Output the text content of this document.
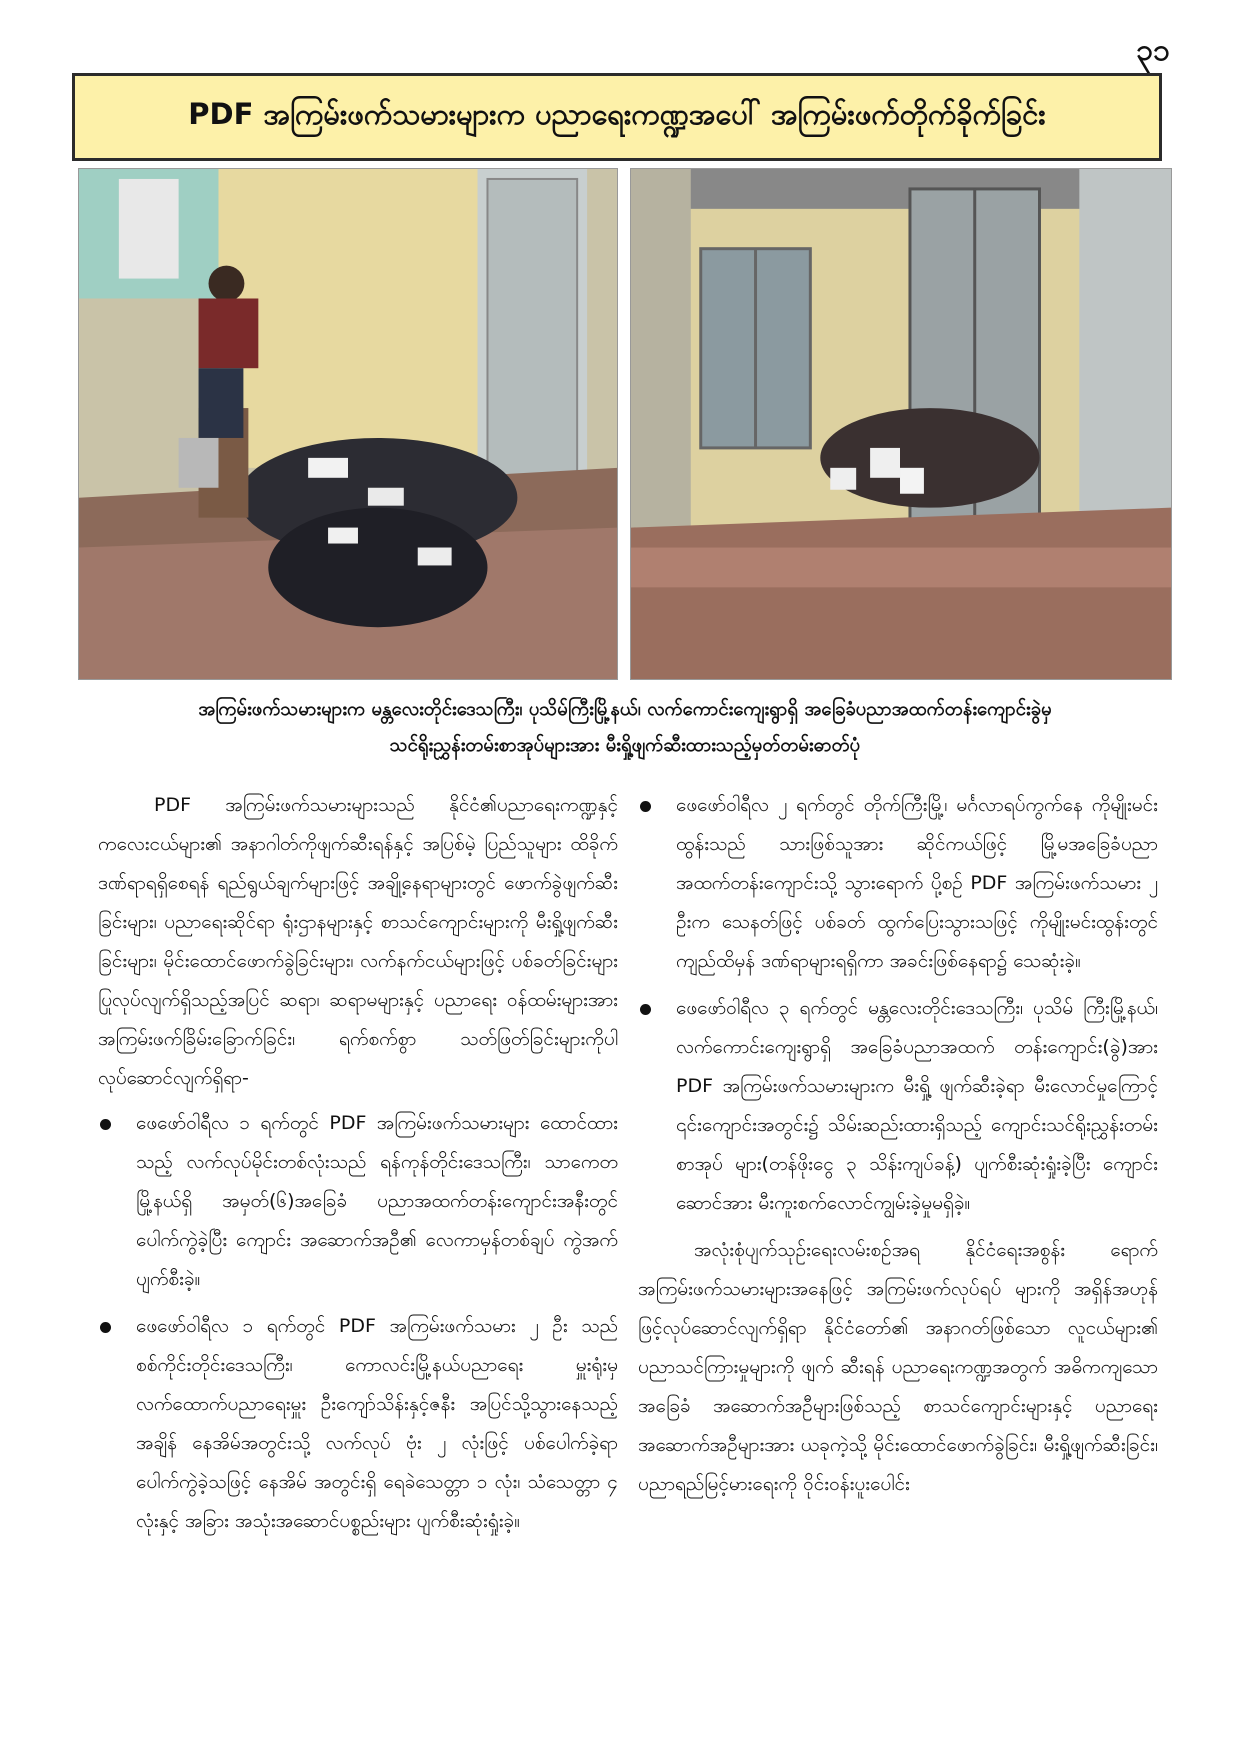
၃၁
PDF အကြမ်းဖက်သမားများက ပညာရေးကဏ္ဍအပေါ် အကြမ်းဖက်တိုက်ခိုက်ခြင်း
အကြမ်းဖက်သမားများက မန္တလေးတိုင်းဒေသကြီး၊ ပုသိမ်ကြီးမြို့နယ်၊ လက်ကောင်းကျေးရွာရှိ အခြေခံပညာအထက်တန်းကျောင်းခွဲမှ
သင်ရိုးညွှန်းတမ်းစာအုပ်များအား မီးရှို့ဖျက်ဆီးထားသည့်မှတ်တမ်းဓာတ်ပုံ

PDF အကြမ်းဖက်သမားများသည် နိုင်ငံ၏ပညာရေးကဏ္ဍနှင့် ကလေးငယ်များ၏ အနာဂါတ်ကိုဖျက်ဆီးရန်နှင့် အပြစ်မဲ့ ပြည်သူများ ထိခိုက်ဒဏ်ရာရရှိစေရန် ရည်ရွယ်ချက်များဖြင့် အချို့နေရာများတွင် ဖောက်ခွဲဖျက်ဆီးခြင်းများ၊ ပညာရေးဆိုင်ရာ ရုံးဌာနများနှင့် စာသင်ကျောင်းများကို မီးရှို့ဖျက်ဆီးခြင်းများ၊ မိုင်းထောင်ဖောက်ခွဲခြင်းများ၊ လက်နက်ငယ်များဖြင့် ပစ်ခတ်ခြင်းများပြုလုပ်လျက်ရှိသည့်အပြင် ဆရာ၊ ဆရာမများနှင့် ပညာရေး ဝန်ထမ်းများအား အကြမ်းဖက်ခြိမ်းခြောက်ခြင်း၊ ရက်စက်စွာ သတ်ဖြတ်ခြင်းများကိုပါ လုပ်ဆောင်လျက်ရှိရာ-

ဖေဖော်ဝါရီလ ၁ ရက်တွင် PDF အကြမ်းဖက်သမားများ ထောင်ထားသည့် လက်လုပ်မိုင်းတစ်လုံးသည် ရန်ကုန်တိုင်းဒေသကြီး၊ သာကေတမြို့နယ်ရှိ အမှတ်(၆)အခြေခံ ပညာအထက်တန်းကျောင်းအနီးတွင် ပေါက်ကွဲခဲ့ပြီး ကျောင်း အဆောက်အဦ၏ လေကာမှန်တစ်ချပ် ကွဲအက်ပျက်စီးခဲ့။
ဖေဖော်ဝါရီလ ၁ ရက်တွင် PDF အကြမ်းဖက်သမား ၂ ဦး သည် စစ်ကိုင်းတိုင်းဒေသကြီး၊ ကောလင်းမြို့နယ်ပညာရေး မှူးရုံးမှ လက်ထောက်ပညာရေးမှူး ဦးကျော်သိန်းနှင့်ဇနီး အပြင်သို့သွားနေသည့်အချိန် နေအိမ်အတွင်းသို့ လက်လုပ် ဗုံး ၂ လုံးဖြင့် ပစ်ပေါက်ခဲ့ရာ ပေါက်ကွဲခဲ့သဖြင့် နေအိမ် အတွင်းရှိ ရေခဲသေတ္တာ ၁ လုံး၊ သံသေတ္တာ ၄ လုံးနှင့် အခြား အသုံးအဆောင်ပစ္စည်းများ ပျက်စီးဆုံးရှုံးခဲ့။
ဖေဖော်ဝါရီလ ၂ ရက်တွင် တိုက်ကြီးမြို့၊ မင်္ဂလာရပ်ကွက်နေ ကိုမျိုးမင်းထွန်းသည် သားဖြစ်သူအား ဆိုင်ကယ်ဖြင့် မြို့မအခြေခံပညာအထက်တန်းကျောင်းသို့ သွားရောက် ပို့စဉ် PDF အကြမ်းဖက်သမား ၂ ဦးက သေနတ်ဖြင့် ပစ်ခတ် ထွက်ပြေးသွားသဖြင့် ကိုမျိုးမင်းထွန်းတွင် ကျည်ထိမှန် ဒဏ်ရာများရရှိကာ အခင်းဖြစ်နေရာ၌ သေဆုံးခဲ့။
ဖေဖော်ဝါရီလ ၃ ရက်တွင် မန္တလေးတိုင်းဒေသကြီး၊ ပုသိမ် ကြီးမြို့နယ်၊ လက်ကောင်းကျေးရွာရှိ အခြေခံပညာအထက် တန်းကျောင်း(ခွဲ)အား PDF အကြမ်းဖက်သမားများက မီးရှို့ ဖျက်ဆီးခဲ့ရာ မီးလောင်မှုကြောင့် ၎င်းကျောင်းအတွင်း၌ သိမ်းဆည်းထားရှိသည့် ကျောင်းသင်ရိုးညွှန်းတမ်းစာအုပ် များ(တန်ဖိုးငွေ ၃ သိန်းကျပ်ခန့်) ပျက်စီးဆုံးရှုံးခဲ့ပြီး ကျောင်း ဆောင်အား မီးကူးစက်လောင်ကျွမ်းခဲ့မှုမရှိခဲ့။

အလုံးစုံပျက်သုဉ်းရေးလမ်းစဉ်အရ နိုင်ငံရေးအစွန်း ရောက် အကြမ်းဖက်သမားများအနေဖြင့် အကြမ်းဖက်လုပ်ရပ် များကို အရှိန်အဟုန်ဖြင့်လုပ်ဆောင်လျက်ရှိရာ နိုင်ငံတော်၏ အနာဂတ်ဖြစ်သော လူငယ်များ၏ ပညာသင်ကြားမှုများကို ဖျက် ဆီးရန် ပညာရေးကဏ္ဍအတွက် အဓိကကျသော အခြေခံ အဆောက်အဦများဖြစ်သည့် စာသင်ကျောင်းများနှင့် ပညာရေး အဆောက်အဦများအား ယခုကဲ့သို့ မိုင်းထောင်ဖောက်ခွဲခြင်း၊ မီးရှို့ဖျက်ဆီးခြင်း၊ ပညာရည်မြင့်မားရေးကို ဝိုင်းဝန်းပူးပေါင်း
